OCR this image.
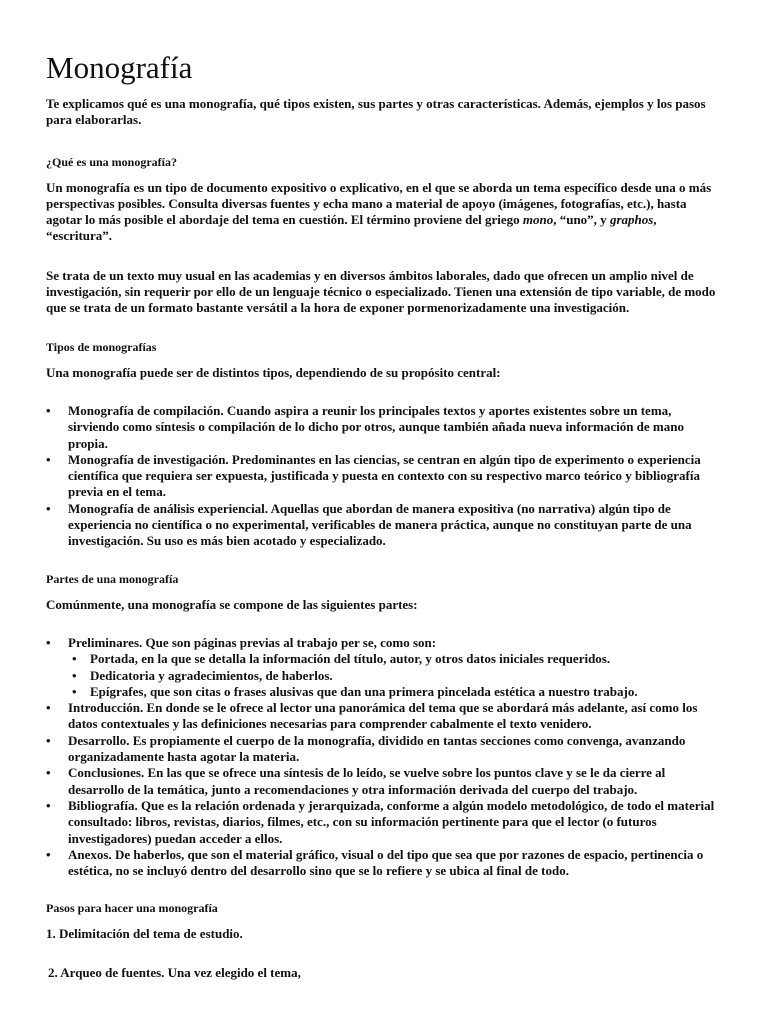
Monografía

Te explicamos qué es una monografía, qué tipos existen, sus partes y otras características. Además, ejemplos y los pasos para elaborarlas.

¿Qué es una monografía?

Un monografía es un tipo de documento expositivo o explicativo, en el que se aborda un tema específico desde una o más perspectivas posibles. Consulta diversas fuentes y echa mano a material de apoyo (imágenes, fotografías, etc.), hasta agotar lo más posible el abordaje del tema en cuestión. El término proviene del griego mono, “uno”, y graphos, “escritura”.

Se trata de un texto muy usual en las academias y en diversos ámbitos laborales, dado que ofrecen un amplio nivel de investigación, sin requerir por ello de un lenguaje técnico o especializado. Tienen una extensión de tipo variable, de modo que se trata de un formato bastante versátil a la hora de exponer pormenorizadamente una investigación.

Tipos de monografías

Una monografía puede ser de distintos tipos, dependiendo de su propósito central:

• Monografía de compilación. Cuando aspira a reunir los principales textos y aportes existentes sobre un tema, sirviendo como síntesis o compilación de lo dicho por otros, aunque también añada nueva información de mano propia.
• Monografía de investigación. Predominantes en las ciencias, se centran en algún tipo de experimento o experiencia científica que requiera ser expuesta, justificada y puesta en contexto con su respectivo marco teórico y bibliografía previa en el tema.
• Monografía de análisis experiencial. Aquellas que abordan de manera expositiva (no narrativa) algún tipo de experiencia no científica o no experimental, verificables de manera práctica, aunque no constituyan parte de una investigación. Su uso es más bien acotado y especializado.
Partes de una monografía

Comúnmente, una monografía se compone de las siguientes partes:

• Preliminares. Que son páginas previas al trabajo per se, como son:
• Portada, en la que se detalla la información del título, autor, y otros datos iniciales requeridos.
• Dedicatoria y agradecimientos, de haberlos.
• Epígrafes, que son citas o frases alusivas que dan una primera pincelada estética a nuestro trabajo.
• Introducción. En donde se le ofrece al lector una panorámica del tema que se abordará más adelante, así como los datos contextuales y las definiciones necesarias para comprender cabalmente el texto venidero.
• Desarrollo. Es propiamente el cuerpo de la monografía, dividido en tantas secciones como convenga, avanzando organizadamente hasta agotar la materia.
• Conclusiones. En las que se ofrece una síntesis de lo leído, se vuelve sobre los puntos clave y se le da cierre al desarrollo de la temática, junto a recomendaciones y otra información derivada del cuerpo del trabajo.
• Bibliografía. Que es la relación ordenada y jerarquizada, conforme a algún modelo metodológico, de todo el material consultado: libros, revistas, diarios, filmes, etc., con su información pertinente para que el lector (o futuros investigadores) puedan acceder a ellos.
• Anexos. De haberlos, que son el material gráfico, visual o del tipo que sea que por razones de espacio, pertinencia o estética, no se incluyó dentro del desarrollo sino que se lo refiere y se ubica al final de todo.
Pasos para hacer una monografía

1. Delimitación del tema de estudio.

2. Arqueo de fuentes. Una vez elegido el tema,
